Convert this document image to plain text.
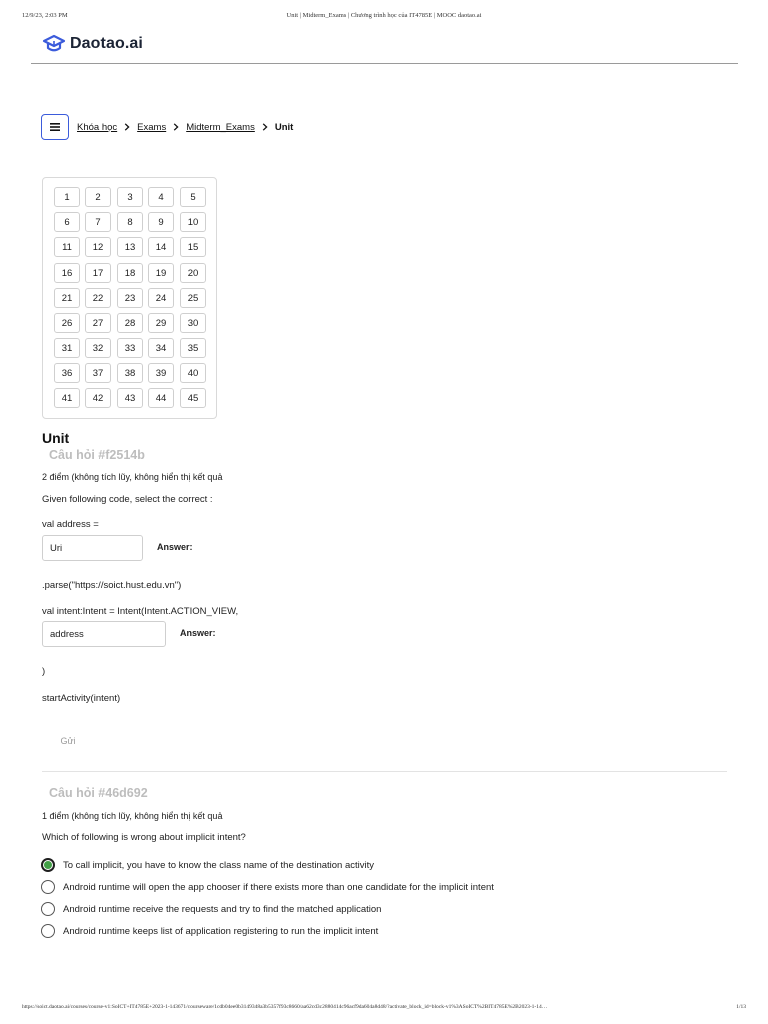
12/9/23, 2:03 PM	Unit | Midterm_Exams | Chương trình học của IT4785E | MOOC daotao.ai
Daotao.ai
Khóa học Exams Midterm_Exams Unit
1	2	3	4	5
6	7	8	9	10
11	12	13	14	15
16	17	18	19	20
21	22	23	24	25
26	27	28	29	30
31	32	33	34	35
36	37	38	39	40
41	42	43	44	45
Unit
Câu hỏi #f2514b
2 điểm (không tích lũy, không hiển thị kết quả
Given following code, select the correct :
val address =
Uri
Answer:
.parse("https://soict.hust.edu.vn")
val intent:Intent = Intent(Intent.ACTION_VIEW,
address
Answer:
)
startActivity(intent)
Gửi
Câu hỏi #46d692
1 điểm (không tích lũy, không hiển thị kết quả
Which of following is wrong about implicit intent?
To call implicit, you have to know the class name of the destination activity
Android runtime will open the app chooser if there exists more than one candidate for the implicit intent
Android runtime receive the requests and try to find the matched application
Android runtime keeps list of application registering to run the implicit intent
https://soict.daotao.ai/courses/course-v1:SoICT+IT4785E+2023-1-143671/courseware/1cdb04ee0b3149348a3b5357f93c8660/aa62cd3c2880414c96acf9da604a8d48/?activate_block_id=block-v1%3ASoICT%2BIT4785E%2B2023-1-14…	1/13
